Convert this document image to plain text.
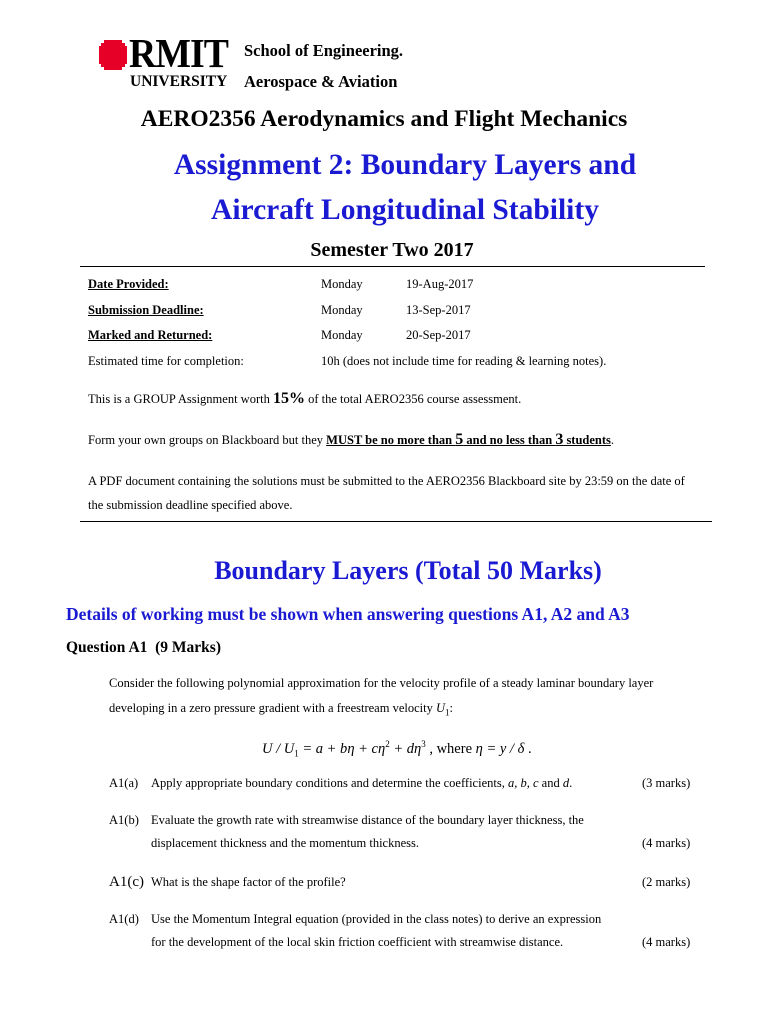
RMIT
UNIVERSITY
School of Engineering.
Aerospace & Aviation
AERO2356 Aerodynamics and Flight Mechanics
Assignment 2: Boundary Layers and
Aircraft Longitudinal Stability
Semester Two 2017
Date Provided:	Monday	19-Aug-2017
Submission Deadline:	Monday	13-Sep-2017
Marked and Returned:	Monday	20-Sep-2017
Estimated time for completion:	10h (does not include time for reading & learning notes).
This is a GROUP Assignment worth 15% of the total AERO2356 course assessment.
Form your own groups on Blackboard but they MUST be no more than 5 and no less than 3 students.
A PDF document containing the solutions must be submitted to the AERO2356 Blackboard site by 23:59 on the date of
the submission deadline specified above.
Boundary Layers (Total 50 Marks)
Details of working must be shown when answering questions A1, A2 and A3
Question A1 (9 Marks)
Consider the following polynomial approximation for the velocity profile of a steady laminar boundary layer
developing in a zero pressure gradient with a freestream velocity $U_1$:
$U / U_1 = a + b\eta + c\eta^2 + d\eta^3$ , where η = y / δ .
A1(a) Apply appropriate boundary conditions and determine the coefficients, a, b, c and d.	(3 marks)
A1(b) Evaluate the growth rate with streamwise distance of the boundary layer thickness, the
displacement thickness and the momentum thickness.	(4 marks)
A1(c) What is the shape factor of the profile?	(2 marks)
A1(d) Use the Momentum Integral equation (provided in the class notes) to derive an expression
for the development of the local skin friction coefficient with streamwise distance.	(4 marks)
